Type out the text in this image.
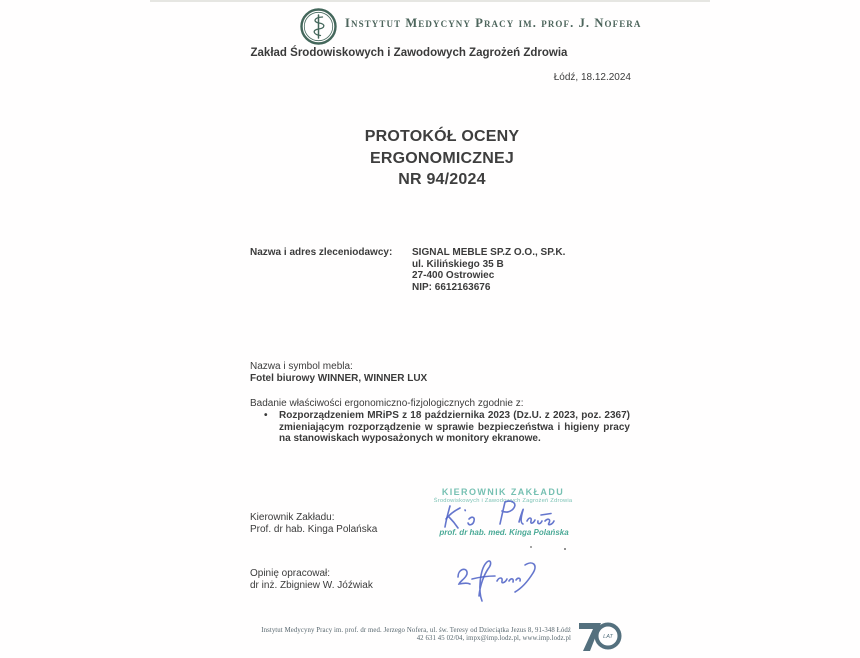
Instytut Medycyny Pracy im. prof. J. Nofera
Zakład Środowiskowych i Zawodowych Zagrożeń Zdrowia
Łódź, 18.12.2024
PROTOKÓŁ OCENY
ERGONOMICZNEJ
NR 94/2024
Nazwa i adres zleceniodawcy: SIGNAL MEBLE SP.Z O.O., SP.K.
ul. Kilińskiego 35 B
27-400 Ostrowiec
NIP: 6612163676
Nazwa i symbol mebla:
Fotel biurowy WINNER, WINNER LUX
Badanie właściwości ergonomiczno-fizjologicznych zgodnie z:
•	Rozporządzeniem MRiPS z 18 października 2023 (Dz.U. z 2023, poz. 2367) zmieniającym rozporządzenie w sprawie bezpieczeństwa i higieny pracy na stanowiskach wyposażonych w monitory ekranowe.
KIEROWNIK ZAKŁADU
Środowiskowych i Zawodowych Zagrożeń Zdrowia
prof. dr hab. med. Kinga Polańska
Kierownik Zakładu:
Prof. dr hab. Kinga Polańska
Opinię opracował:
dr inż. Zbigniew W. Jóźwiak
Instytut Medycyny Pracy im. prof. dr med. Jerzego Nofera, ul. św. Teresy od Dzieciątka Jezus 8, 91-348 Łódź
42 631 45 02/04, impx@imp.lodz.pl, www.imp.lodz.pl	LAT
